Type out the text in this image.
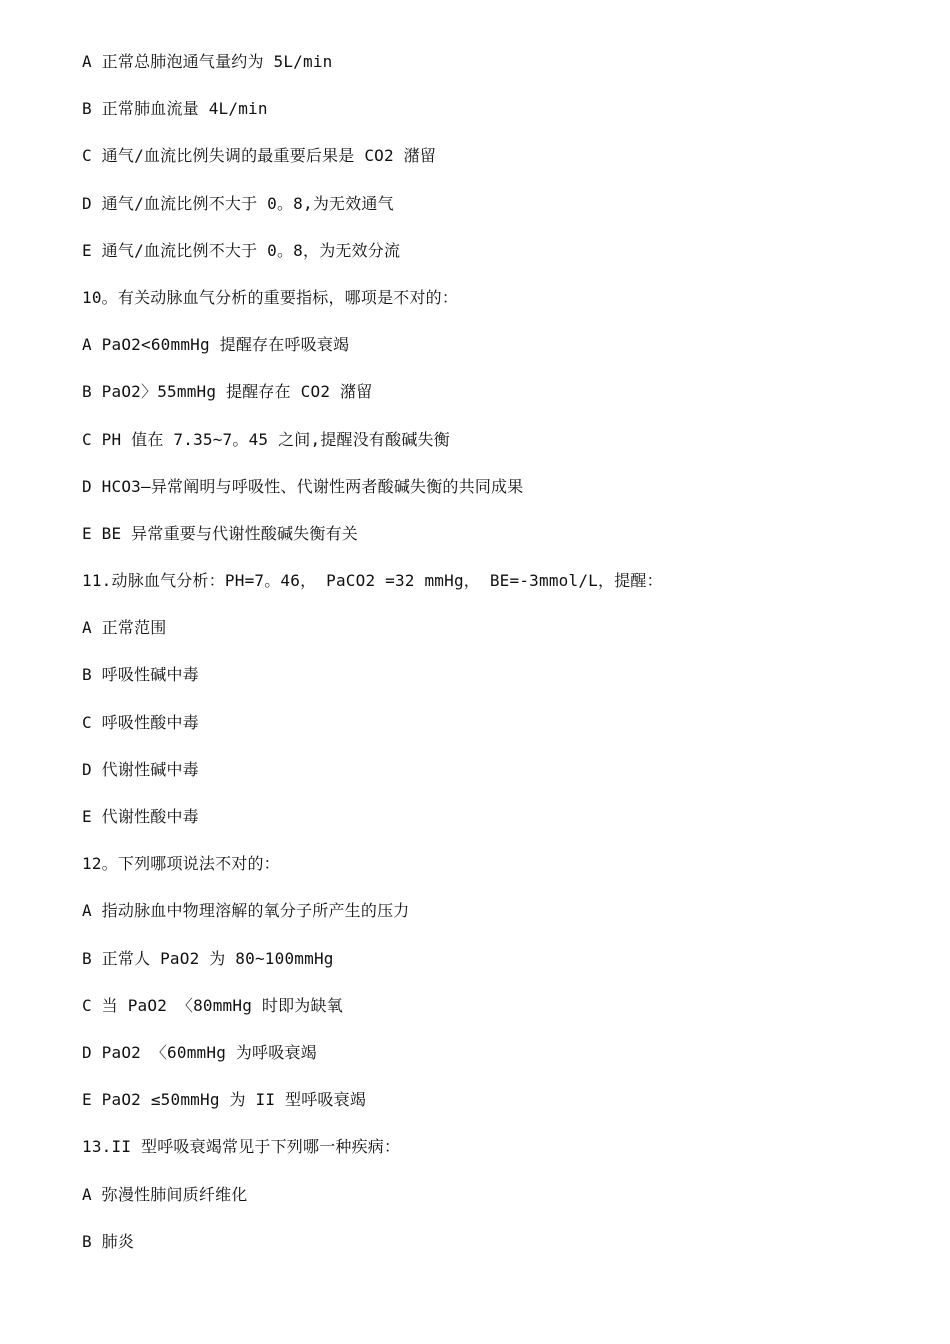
A 正常总肺泡通气量约为 5L/min
B 正常肺血流量 4L/min
C 通气/血流比例失调的最重要后果是 CO2 潴留
D 通气/血流比例不大于 0。8,为无效通气
E 通气/血流比例不大于 0。8，为无效分流
10。有关动脉血气分析的重要指标，哪项是不对的：
A PaO2<60mmHg 提醒存在呼吸衰竭
B PaO2〉55mmHg 提醒存在 CO2 潴留
C PH 值在 7.35~7。45 之间,提醒没有酸碱失衡
D HCO3—异常阐明与呼吸性、代谢性两者酸碱失衡的共同成果
E BE 异常重要与代谢性酸碱失衡有关
11.动脉血气分析：PH=7。46， PaCO2 =32 mmHg， BE=-3mmol/L，提醒：
A 正常范围
B 呼吸性碱中毒
C 呼吸性酸中毒
D 代谢性碱中毒
E 代谢性酸中毒
12。下列哪项说法不对的：
A 指动脉血中物理溶解的氧分子所产生的压力
B 正常人 PaO2 为 80~100mmHg
C 当 PaO2 〈80mmHg 时即为缺氧
D PaO2 〈60mmHg 为呼吸衰竭
E PaO2 ≤50mmHg 为 II 型呼吸衰竭
13.II 型呼吸衰竭常见于下列哪一种疾病：
A 弥漫性肺间质纤维化
B 肺炎
